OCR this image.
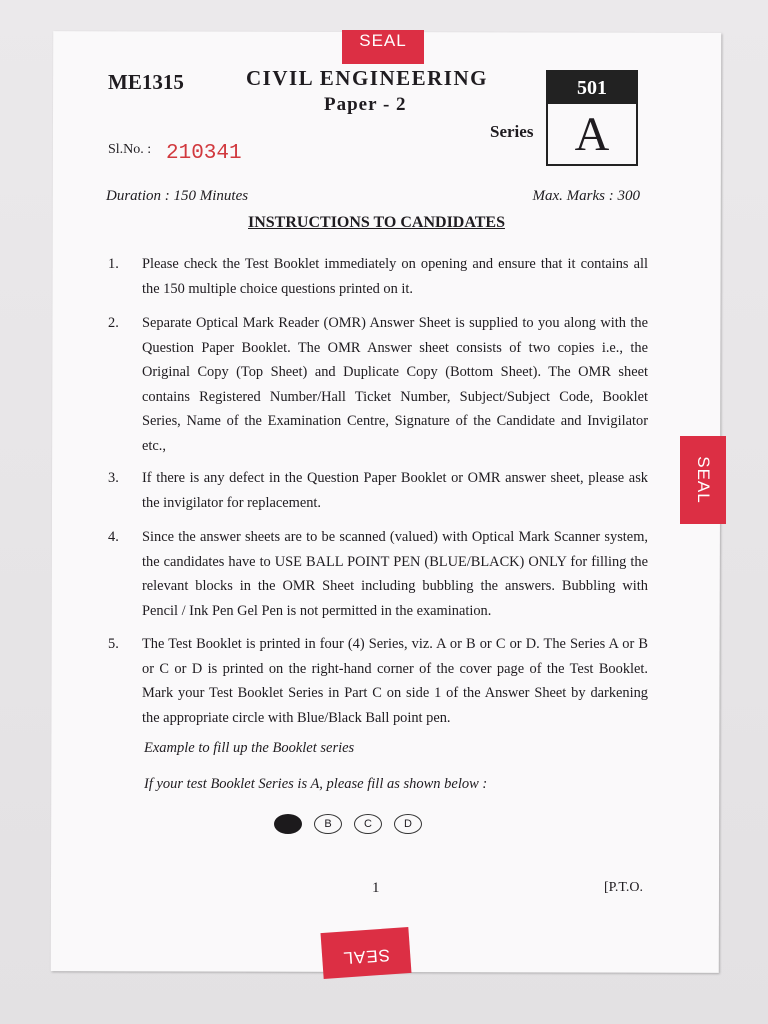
SEAL
SEAL
SEAL
ME1315	CIVIL ENGINEERING
Paper - 2
Sl.No. : 210341
Series
501
A
Duration : 150 Minutes	Max. Marks : 300
INSTRUCTIONS TO CANDIDATES
1. Please check the Test Booklet immediately on opening and ensure that it contains all the 150 multiple choice questions printed on it.
2. Separate Optical Mark Reader (OMR) Answer Sheet is supplied to you along with the Question Paper Booklet. The OMR Answer sheet consists of two copies i.e., the Original Copy (Top Sheet) and Duplicate Copy (Bottom Sheet). The OMR sheet contains Registered Number/Hall Ticket Number, Subject/Subject Code, Booklet Series, Name of the Examination Centre, Signature of the Candidate and Invigilator etc.,
3. If there is any defect in the Question Paper Booklet or OMR answer sheet, please ask the invigilator for replacement.
4. Since the answer sheets are to be scanned (valued) with Optical Mark Scanner system, the candidates have to USE BALL POINT PEN (BLUE/BLACK) ONLY for filling the relevant blocks in the OMR Sheet including bubbling the answers. Bubbling with Pencil / Ink Pen Gel Pen is not permitted in the examination.
5. The Test Booklet is printed in four (4) Series, viz. A or B or C or D. The Series A or B or C or D is printed on the right-hand corner of the cover page of the Test Booklet. Mark your Test Booklet Series in Part C on side 1 of the Answer Sheet by darkening the appropriate circle with Blue/Black Ball point pen.
Example to fill up the Booklet series
If your test Booklet Series is A, please fill as shown below :
B	C	D
1	[P.T.O.
